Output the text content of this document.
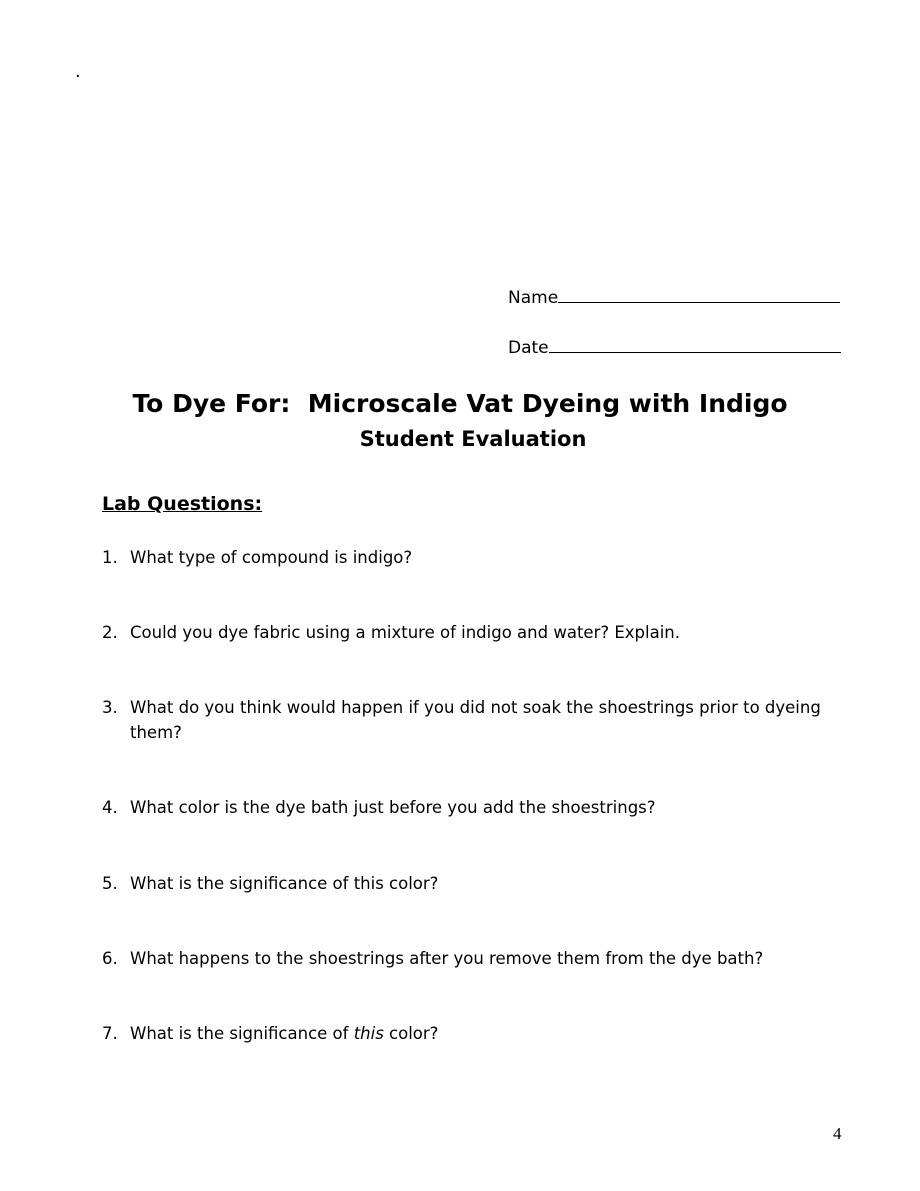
.
Name
Date
To Dye For:  Microscale Vat Dyeing with Indigo
Student Evaluation
Lab Questions:
1. What type of compound is indigo?
2. Could you dye fabric using a mixture of indigo and water? Explain.
3. What do you think would happen if you did not soak the shoestrings prior to dyeing them?
4. What color is the dye bath just before you add the shoestrings?
5. What is the significance of this color?
6. What happens to the shoestrings after you remove them from the dye bath?
7. What is the significance of this color?
4
